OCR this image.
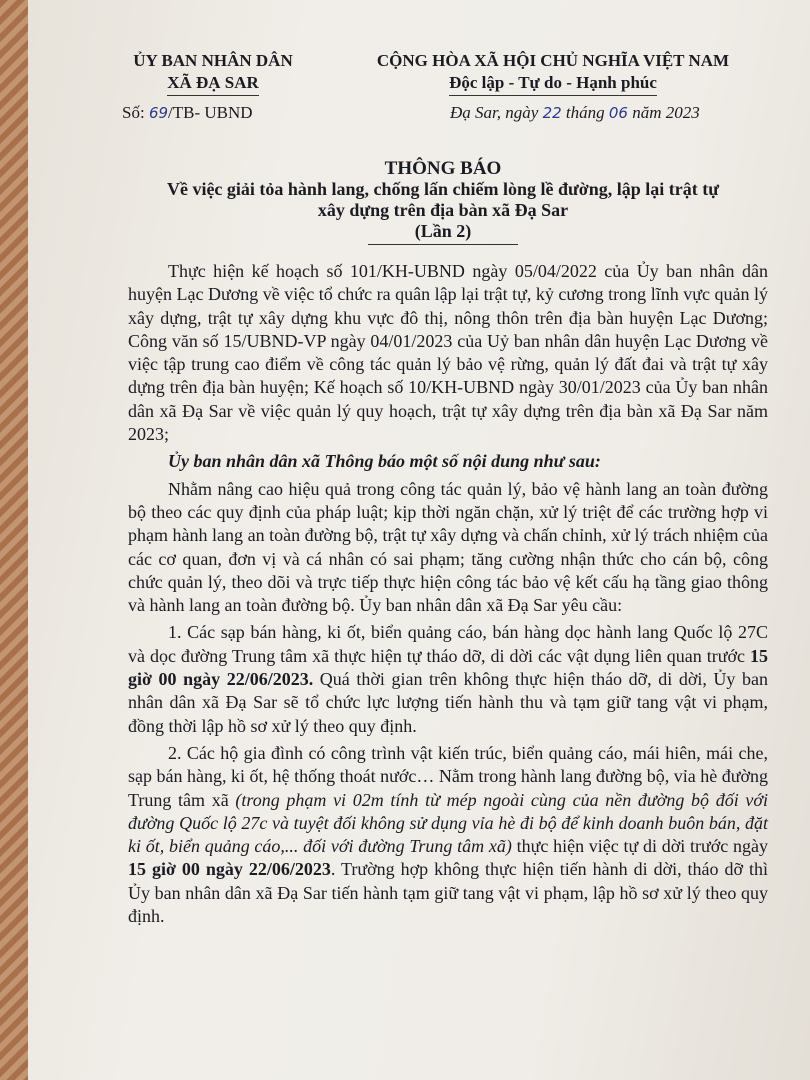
ỦY BAN NHÂN DÂN
XÃ ĐẠ SAR
CỘNG HÒA XÃ HỘI CHỦ NGHĨA VIỆT NAM
Độc lập - Tự do - Hạnh phúc
Số: 69/TB- UBND	Đạ Sar, ngày 22 tháng 06 năm 2023
THÔNG BÁO
Về việc giải tỏa hành lang, chống lấn chiếm lòng lề đường, lập lại trật tự
xây dựng trên địa bàn xã Đạ Sar
(Lần 2)

Thực hiện kế hoạch số 101/KH-UBND ngày 05/04/2022 của Ủy ban nhân dân huyện Lạc Dương về việc tổ chức ra quân lập lại trật tự, kỷ cương trong lĩnh vực quản lý xây dựng, trật tự xây dựng khu vực đô thị, nông thôn trên địa bàn huyện Lạc Dương; Công văn số 15/UBND-VP ngày 04/01/2023 của Uỷ ban nhân dân huyện Lạc Dương về việc tập trung cao điểm về công tác quản lý bảo vệ rừng, quản lý đất đai và trật tự xây dựng trên địa bàn huyện; Kế hoạch số 10/KH-UBND ngày 30/01/2023 của Ủy ban nhân dân xã Đạ Sar về việc quản lý quy hoạch, trật tự xây dựng trên địa bàn xã Đạ Sar năm 2023;

Ủy ban nhân dân xã Thông báo một số nội dung như sau:

Nhằm nâng cao hiệu quả trong công tác quản lý, bảo vệ hành lang an toàn đường bộ theo các quy định của pháp luật; kịp thời ngăn chặn, xử lý triệt để các trường hợp vi phạm hành lang an toàn đường bộ, trật tự xây dựng và chấn chỉnh, xử lý trách nhiệm của các cơ quan, đơn vị và cá nhân có sai phạm; tăng cường nhận thức cho cán bộ, công chức quản lý, theo dõi và trực tiếp thực hiện công tác bảo vệ kết cấu hạ tầng giao thông và hành lang an toàn đường bộ. Ủy ban nhân dân xã Đạ Sar yêu cầu:

1. Các sạp bán hàng, ki ốt, biển quảng cáo, bán hàng dọc hành lang Quốc lộ 27C và dọc đường Trung tâm xã thực hiện tự tháo dỡ, di dời các vật dụng liên quan trước 15 giờ 00 ngày 22/06/2023. Quá thời gian trên không thực hiện tháo dỡ, di dời, Ủy ban nhân dân xã Đạ Sar sẽ tổ chức lực lượng tiến hành thu và tạm giữ tang vật vi phạm, đồng thời lập hồ sơ xử lý theo quy định.

2. Các hộ gia đình có công trình vật kiến trúc, biển quảng cáo, mái hiên, mái che, sạp bán hàng, ki ốt, hệ thống thoát nước… Nằm trong hành lang đường bộ, vỉa hè đường Trung tâm xã (trong phạm vi 02m tính từ mép ngoài cùng của nền đường bộ đối với đường Quốc lộ 27c và tuyệt đối không sử dụng vỉa hè đi bộ để kinh doanh buôn bán, đặt ki ốt, biển quảng cáo,... đối với đường Trung tâm xã) thực hiện việc tự di dời trước ngày 15 giờ 00 ngày 22/06/2023. Trường hợp không thực hiện tiến hành di dời, tháo dỡ thì Ủy ban nhân dân xã Đạ Sar tiến hành tạm giữ tang vật vi phạm, lập hồ sơ xử lý theo quy định.
